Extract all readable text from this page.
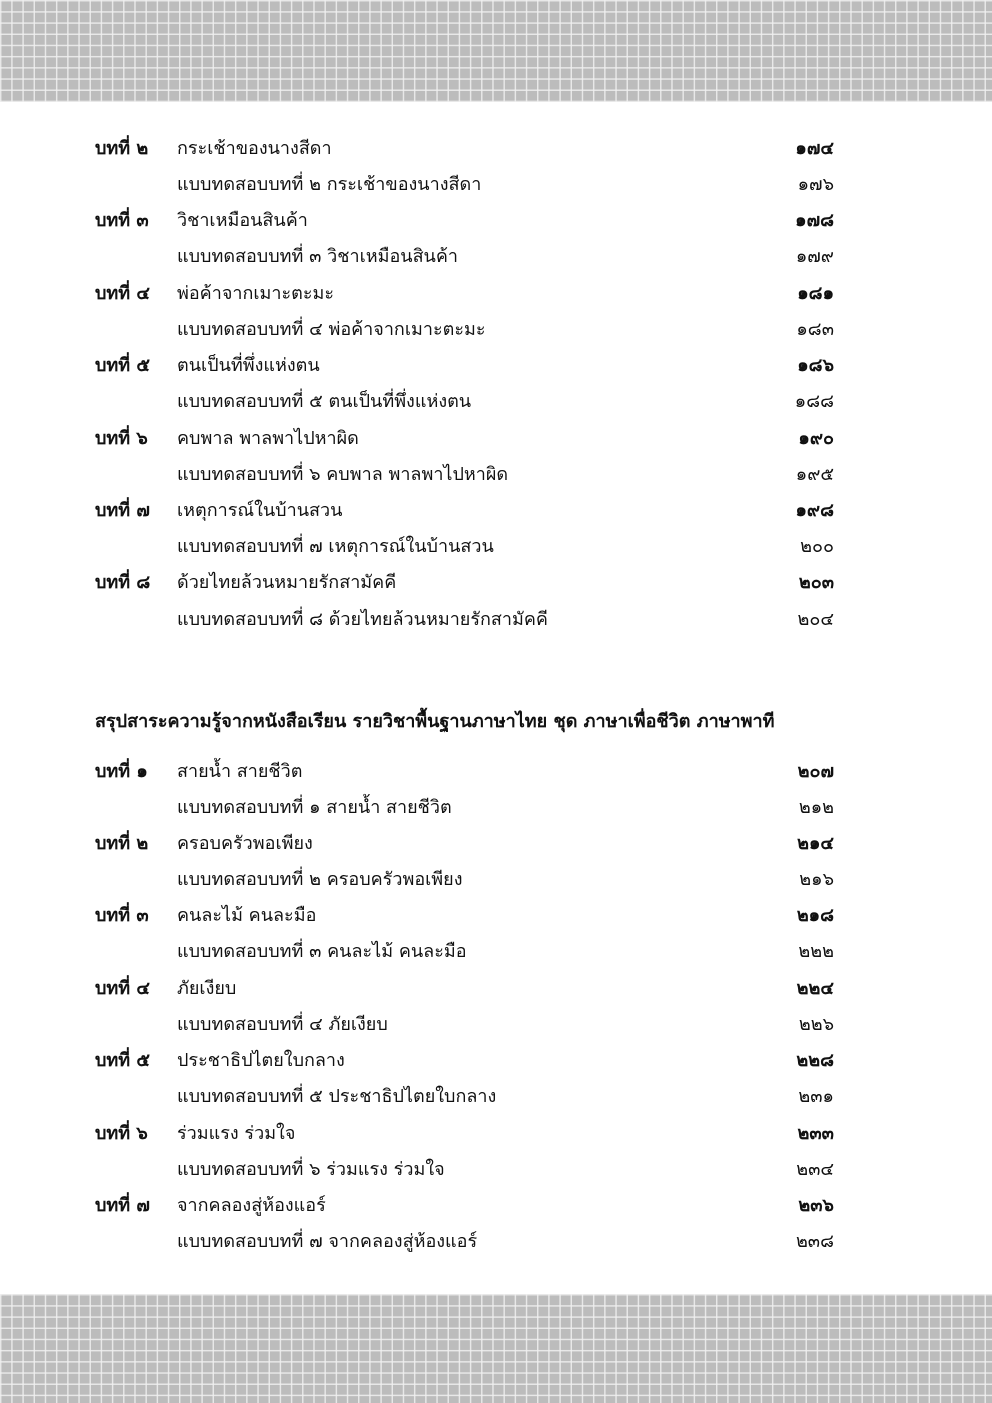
บทที่ ๒ กระเช้าของนางสีดา	๑๗๔
แบบทดสอบบทที่ ๒ กระเช้าของนางสีดา	๑๗๖
บทที่ ๓ วิชาเหมือนสินค้า	๑๗๘
แบบทดสอบบทที่ ๓ วิชาเหมือนสินค้า	๑๗๙
บทที่ ๔ พ่อค้าจากเมาะตะมะ	๑๘๑
แบบทดสอบบทที่ ๔ พ่อค้าจากเมาะตะมะ	๑๘๓
บทที่ ๕ ตนเป็นที่พึ่งแห่งตน	๑๘๖
แบบทดสอบบทที่ ๕ ตนเป็นที่พึ่งแห่งตน	๑๘๘
บทที่ ๖ คบพาล พาลพาไปหาผิด	๑๙๐
แบบทดสอบบทที่ ๖ คบพาล พาลพาไปหาผิด	๑๙๕
บทที่ ๗ เหตุการณ์ในบ้านสวน	๑๙๘
แบบทดสอบบทที่ ๗ เหตุการณ์ในบ้านสวน	๒๐๐
บทที่ ๘ ด้วยไทยล้วนหมายรักสามัคคี	๒๐๓
แบบทดสอบบทที่ ๘ ด้วยไทยล้วนหมายรักสามัคคี	๒๐๔
สรุปสาระความรู้จากหนังสือเรียน รายวิชาพื้นฐานภาษาไทย ชุด ภาษาเพื่อชีวิต ภาษาพาที
บทที่ ๑ สายน้ำ สายชีวิต	๒๐๗
แบบทดสอบบทที่ ๑ สายน้ำ สายชีวิต	๒๑๒
บทที่ ๒ ครอบครัวพอเพียง	๒๑๔
แบบทดสอบบทที่ ๒ ครอบครัวพอเพียง	๒๑๖
บทที่ ๓ คนละไม้ คนละมือ	๒๑๘
แบบทดสอบบทที่ ๓ คนละไม้ คนละมือ	๒๒๒
บทที่ ๔ ภัยเงียบ	๒๒๔
แบบทดสอบบทที่ ๔ ภัยเงียบ	๒๒๖
บทที่ ๕ ประชาธิปไตยใบกลาง	๒๒๘
แบบทดสอบบทที่ ๕ ประชาธิปไตยใบกลาง	๒๓๑
บทที่ ๖ ร่วมแรง ร่วมใจ	๒๓๓
แบบทดสอบบทที่ ๖ ร่วมแรง ร่วมใจ	๒๓๔
บทที่ ๗ จากคลองสู่ห้องแอร์	๒๓๖
แบบทดสอบบทที่ ๗ จากคลองสู่ห้องแอร์	๒๓๘
